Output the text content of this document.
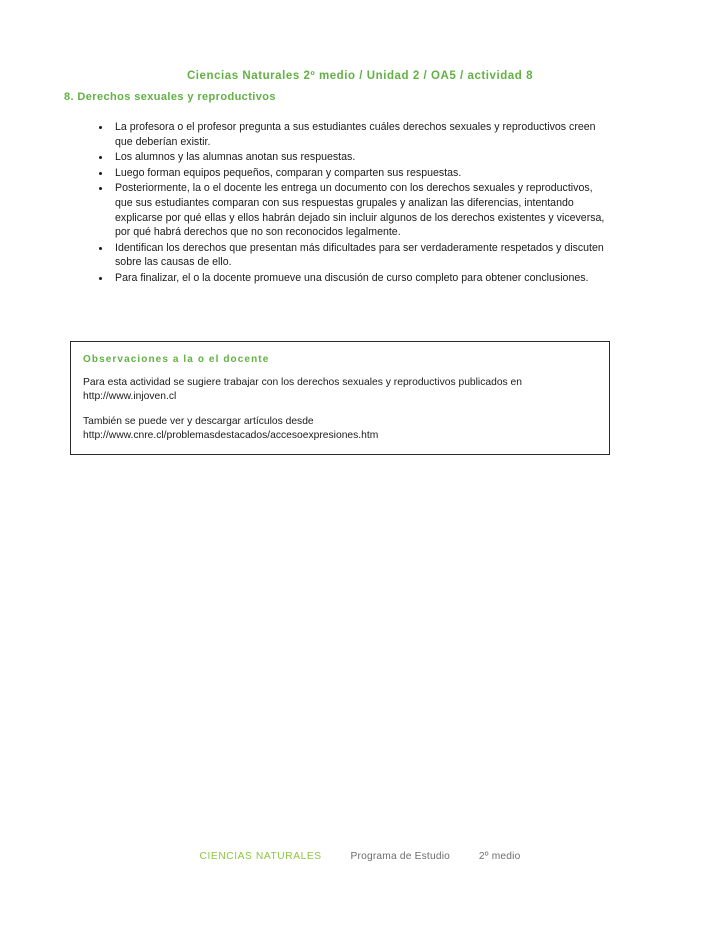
Ciencias Naturales 2º medio / Unidad 2 / OA5 / actividad 8
8. Derechos sexuales y reproductivos
La profesora o el profesor pregunta a sus estudiantes cuáles derechos sexuales y reproductivos creen que deberían existir.
Los alumnos y las alumnas anotan sus respuestas.
Luego forman equipos pequeños, comparan y comparten sus respuestas.
Posteriormente, la o el docente les entrega un documento con los derechos sexuales y reproductivos, que sus estudiantes comparan con sus respuestas grupales y analizan las diferencias, intentando explicarse por qué ellas y ellos habrán dejado sin incluir algunos de los derechos existentes y viceversa, por qué habrá derechos que no son reconocidos legalmente.
Identifican los derechos que presentan más dificultades para ser verdaderamente respetados y discuten sobre las causas de ello.
Para finalizar, el o la docente promueve una discusión de curso completo para obtener conclusiones.
Observaciones a la o el docente

Para esta actividad se sugiere trabajar con los derechos sexuales y reproductivos publicados en
http://www.injoven.cl

También se puede ver y descargar artículos desde http://www.cnre.cl/problemasdestacados/accesoexpresiones.htm

CIENCIAS NATURALES	Programa de Estudio	2º medio
